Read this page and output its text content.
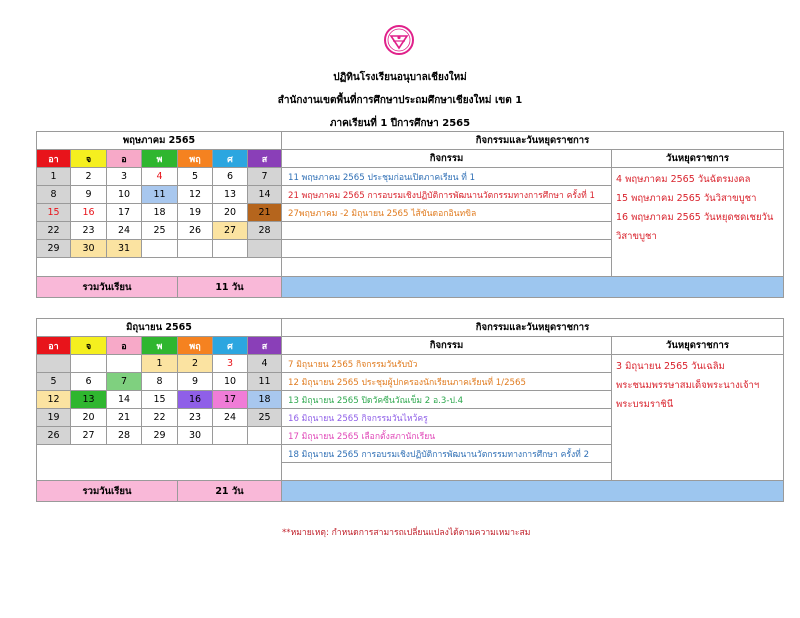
ปฏิทินโรงเรียนอนุบาลเชียงใหม่
สำนักงานเขตพื้นที่การศึกษาประถมศึกษาเชียงใหม่ เขต 1
ภาคเรียนที่ 1 ปีการศึกษา 2565
พฤษภาคม 2565							กิจกรรมและวันหยุดราชการ	
อา	จ	อ	พ	พฤ	ศ	ส	กิจกรรม	วันหยุดราชการ
1	2	3	4	5	6	7	11 พฤษภาคม 2565 ประชุมก่อนเปิดภาคเรียน ที่ 1	4 พฤษภาคม 2565 วันฉัตรมงคล
15 พฤษภาคม 2565 วันวิสาขบูชา
16 พฤษภาคม 2565 วันหยุดชดเชยวันวิสาขบูชา

8	9	10	11	12	13	14	21 พฤษภาคม 2565 การอบรมเชิงปฏิบัติการพัฒนานวัตกรรมทางการศึกษา ครั้งที่ 1	
15	16	17	18	19	20	21	27พฤษภาคม -2 มิถุนายน 2565 ไส้ขันดอกอินทขิล	
22	23	24	25	26	27	28		
29	30	31						

รวมวันเรียน				11 วัน				
มิถุนายน 2565							กิจกรรมและวันหยุดราชการ	
อา	จ	อ	พ	พฤ	ศ	ส	กิจกรรม	วันหยุดราชการ
			1	2	3	4	7 มิถุนายน 2565 กิจกรรมวันรับบัว	3 มิถุนายน 2565 วันเฉลิมพระชนมพรรษาสมเด็จพระนางเจ้าฯ พระบรมราชินี

5	6	7	8	9	10	11	12 มิถุนายน 2565 ประชุมผู้ปกครองนักเรียนภาคเรียนที่ 1/2565	
12	13	14	15	16	17	18	13 มิถุนายน 2565 ปิดวัคซีนวัณเข็ม 2 อ.3-ป.4	
19	20	21	22	23	24	25	16 มิถุนายน 2565 กิจกรรมวันไหว้ครู	
26	27	28	29	30			17 มิถุนายน 2565 เลือกตั้งสภานักเรียน	
							18 มิถุนายน 2565 การอบรมเชิงปฏิบัติการพัฒนานวัตกรรมทางการศึกษา ครั้งที่ 2	

รวมวันเรียน				21 วัน				
**หมายเหตุ: กำหนดการสามารถเปลี่ยนแปลงได้ตามความเหมาะสม
